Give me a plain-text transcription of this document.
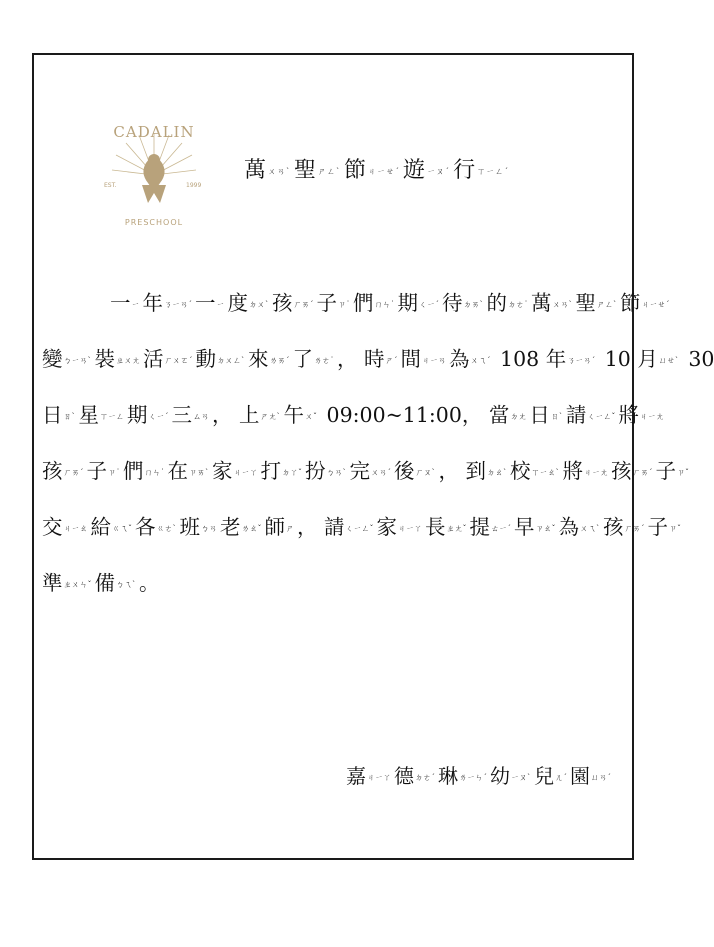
CADALIN
EST.	1999
PRESCHOOL
萬ㄨㄢˋ 聖ㄕㄥˋ 節ㄐㄧㄝˊ 遊ㄧㄡˊ 行ㄒㄧㄥˊ
一ㄧ 年ㄋㄧㄢˊ 一ㄧ 度ㄉㄨˋ 孩ㄏㄞˊ 子ㄗ˙ 們ㄇㄣ˙ 期ㄑㄧˊ 待ㄉㄞˋ 的ㄉㄜ˙ 萬ㄨㄢˋ 聖ㄕㄥˋ 節ㄐㄧㄝˊ
變ㄅㄧㄢˋ 裝ㄓㄨㄤ 活ㄏㄨㄛˊ 動ㄉㄨㄥˋ 來ㄌㄞˊ 了ㄌㄜ˙ ， 時ㄕˊ 間ㄐㄧㄢ 為ㄨㄟˊ 108 年ㄋㄧㄢˊ 10 月ㄩㄝˋ 30
日ㄖˋ 星ㄒㄧㄥ 期ㄑㄧˊ 三ㄙㄢ ， 上ㄕㄤˋ 午ㄨˇ 09:00~11:00， 當ㄉㄤ 日ㄖˋ 請ㄑㄧㄥˇ 將ㄐㄧㄤ
孩ㄏㄞˊ 子ㄗ˙ 們ㄇㄣ˙ 在ㄗㄞˋ 家ㄐㄧㄚ 打ㄉㄚˇ 扮ㄅㄢˋ 完ㄨㄢˊ 後ㄏㄡˋ ， 到ㄉㄠˋ 校ㄒㄧㄠˋ 將ㄐㄧㄤ 孩ㄏㄞˊ 子ㄗˇ
交ㄐㄧㄠ 給ㄍㄟˇ 各ㄍㄜˋ 班ㄅㄢ 老ㄌㄠˇ 師ㄕ ， 請ㄑㄧㄥˇ 家ㄐㄧㄚ 長ㄓㄤˇ 提ㄊㄧˊ 早ㄗㄠˇ 為ㄨㄟˋ 孩ㄏㄞˊ 子ㄗˇ
準ㄓㄨㄣˇ 備ㄅㄟˋ 。
嘉ㄐㄧㄚ 德ㄉㄜˊ 琳ㄌㄧㄣˊ 幼ㄧㄡˋ 兒ㄦˊ 園ㄩㄢˊ
